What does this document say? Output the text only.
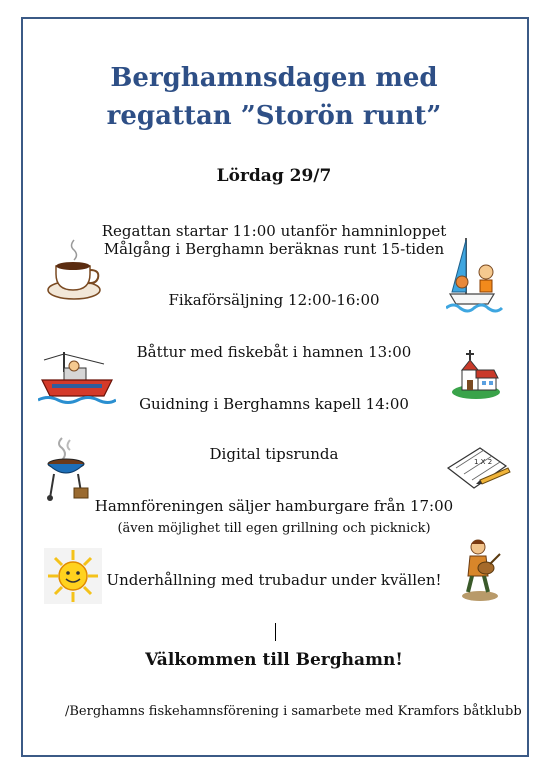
Berghamnsdagen med
regattan ”Storön runt”
Lördag 29/7
Regattan startar 11:00 utanför hamninloppet
Målgång i Berghamn beräknas runt 15-tiden
Fikaförsäljning 12:00-16:00
Båttur med fiskebåt i hamnen 13:00
Guidning i Berghamns kapell 14:00
Digital tipsrunda
Hamnföreningen säljer hamburgare från 17:00
(även möjlighet till egen grillning och picknick)
Underhållning med trubadur under kvällen!
Välkommen till Berghamn!
/Berghamns fiskehamnsförening i samarbete med Kramfors båtklubb
1 X 2
